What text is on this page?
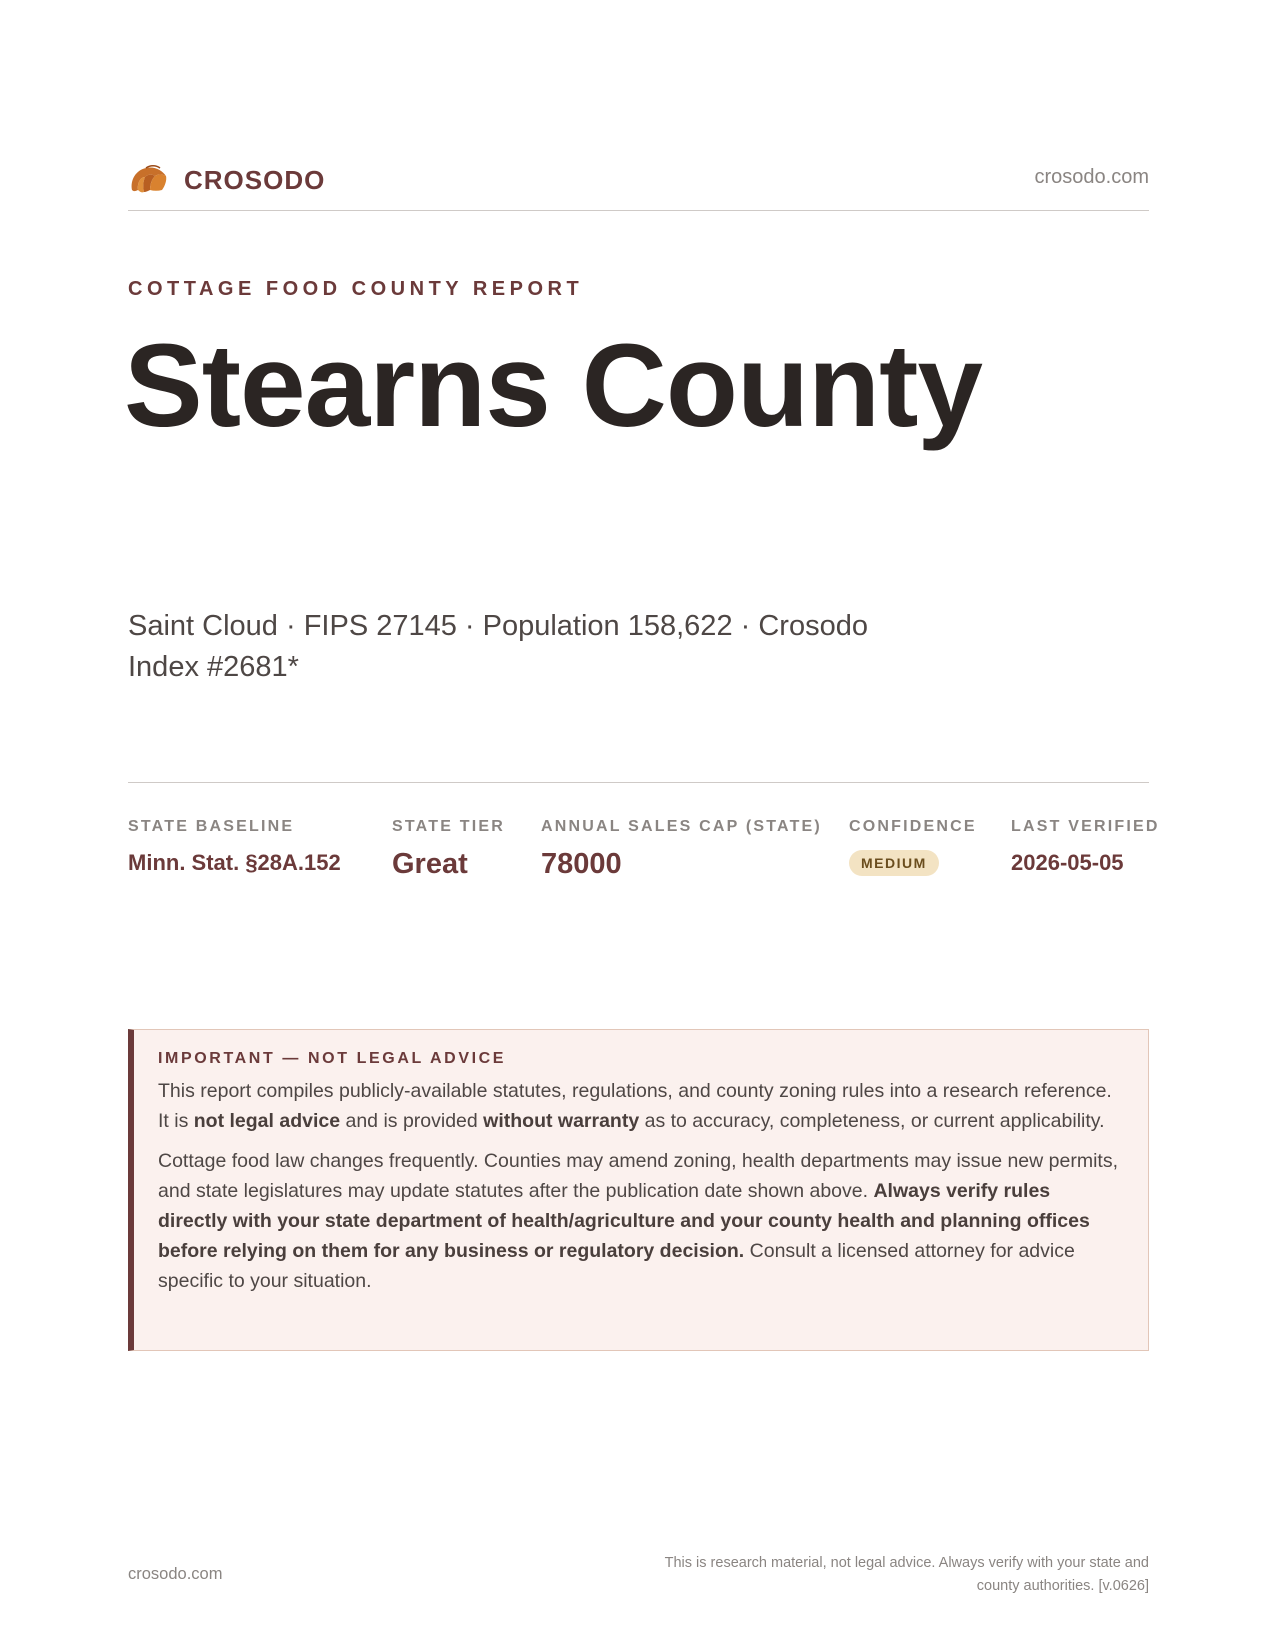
CROSODO	crosodo.com
COTTAGE FOOD COUNTY REPORT
Stearns County
Saint Cloud · FIPS 27145 · Population 158,622 · Crosodo Index #2681*
STATE BASELINE
Minn. Stat. §28A.152
STATE TIER
Great
ANNUAL SALES CAP (STATE)
78000
CONFIDENCE
MEDIUM
LAST VERIFIED
2026-05-05
IMPORTANT — NOT LEGAL ADVICE

This report compiles publicly-available statutes, regulations, and county zoning rules into a research reference. It is not legal advice and is provided without warranty as to accuracy, completeness, or current applicability.

Cottage food law changes frequently. Counties may amend zoning, health departments may issue new permits, and state legislatures may update statutes after the publication date shown above. Always verify rules directly with your state department of health/agriculture and your county health and planning offices before relying on them for any business or regulatory decision. Consult a licensed attorney for advice specific to your situation.

crosodo.com
This is research material, not legal advice. Always verify with your state and county authorities. [v.0626]
